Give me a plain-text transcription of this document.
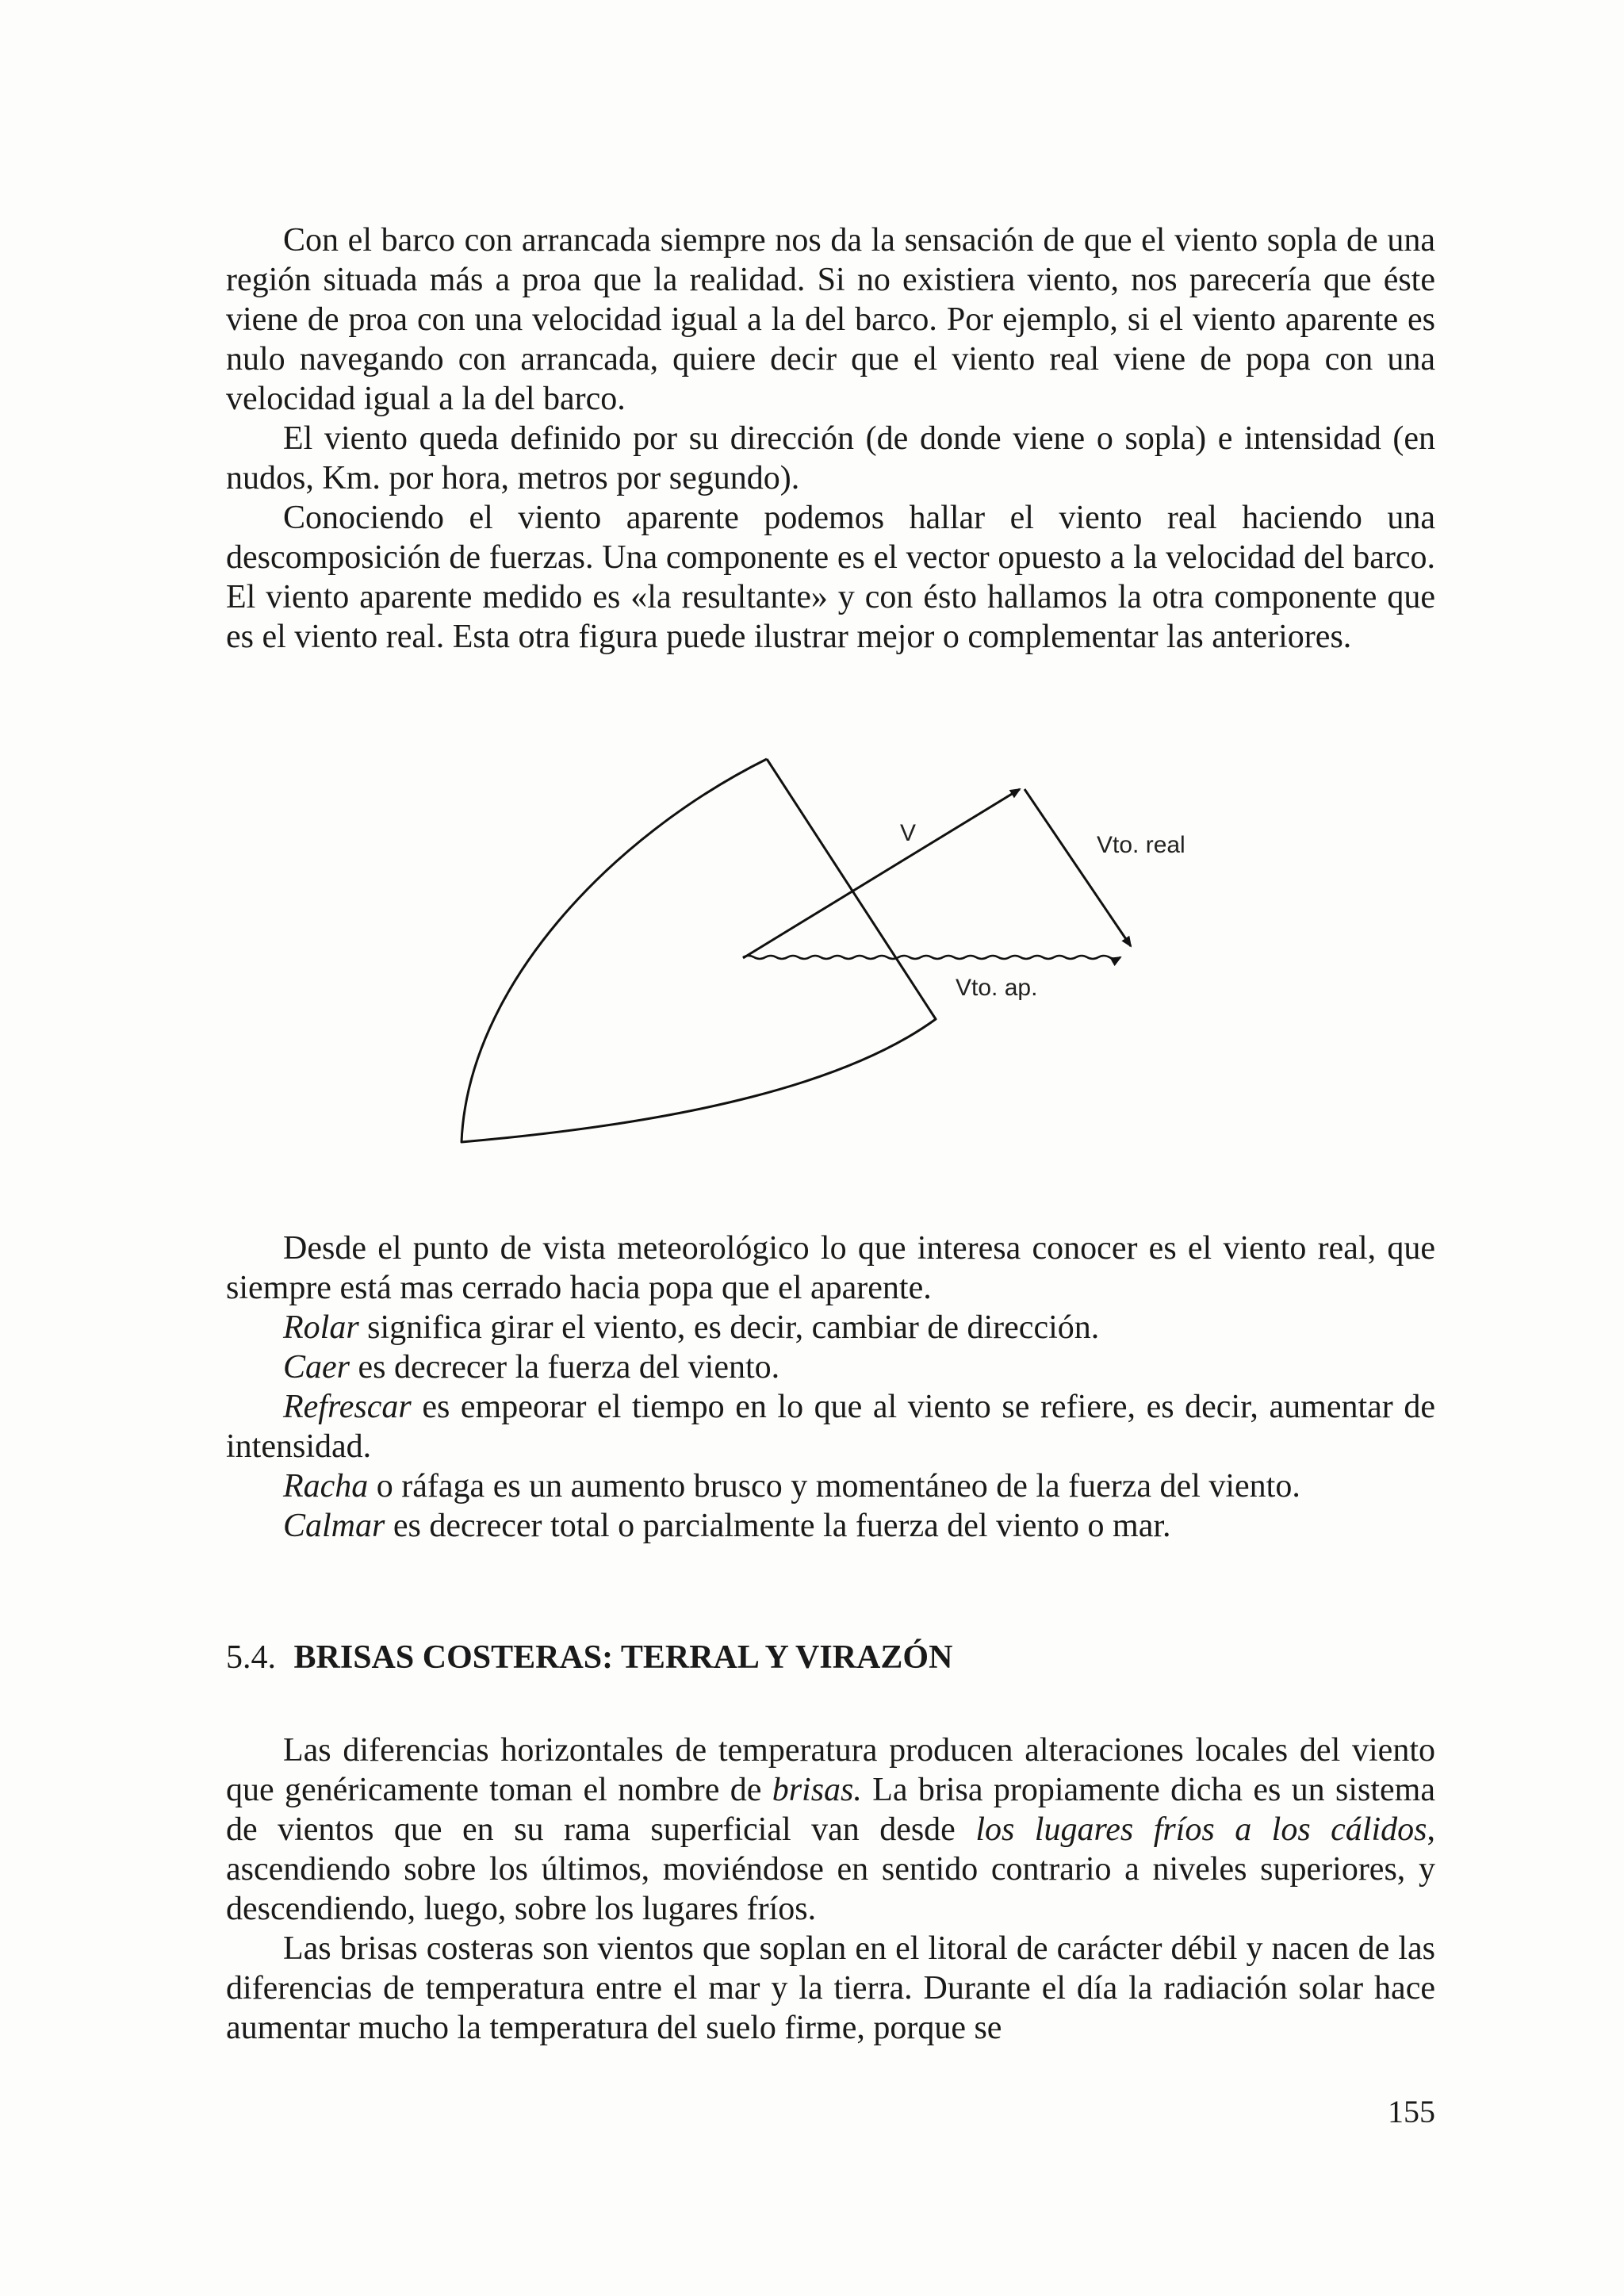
Con el barco con arrancada siempre nos da la sensación de que el viento sopla de una región situada más a proa que la realidad. Si no existiera viento, nos parecería que éste viene de proa con una velocidad igual a la del barco. Por ejemplo, si el viento aparente es nulo navegando con arrancada, quiere decir que el viento real viene de popa con una velocidad igual a la del barco.

El viento queda definido por su dirección (de donde viene o sopla) e intensidad (en nudos, Km. por hora, metros por segundo).

Conociendo el viento aparente podemos hallar el viento real haciendo una descomposición de fuerzas. Una componente es el vector opuesto a la velocidad del barco. El viento aparente medido es «la resultante» y con ésto hallamos la otra componente que es el viento real. Esta otra figura puede ilustrar mejor o complementar las anteriores.

V	Vto. real
Vto. ap.

Desde el punto de vista meteorológico lo que interesa conocer es el viento real, que siempre está mas cerrado hacia popa que el aparente.

Rolar significa girar el viento, es decir, cambiar de dirección.

Caer es decrecer la fuerza del viento.

Refrescar es empeorar el tiempo en lo que al viento se refiere, es decir, aumentar de intensidad.

Racha o ráfaga es un aumento brusco y momentáneo de la fuerza del viento.

Calmar es decrecer total o parcialmente la fuerza del viento o mar.

5.4. BRISAS COSTERAS: TERRAL Y VIRAZÓN

Las diferencias horizontales de temperatura producen alteraciones locales del viento que genéricamente toman el nombre de brisas. La brisa propiamente dicha es un sistema de vientos que en su rama superficial van desde los lugares fríos a los cálidos, ascendiendo sobre los últimos, moviéndose en sentido contrario a niveles superiores, y descendiendo, luego, sobre los lugares fríos.

Las brisas costeras son vientos que soplan en el litoral de carácter débil y nacen de las diferencias de temperatura entre el mar y la tierra. Durante el día la radiación solar hace aumentar mucho la temperatura del suelo firme, porque se

155
